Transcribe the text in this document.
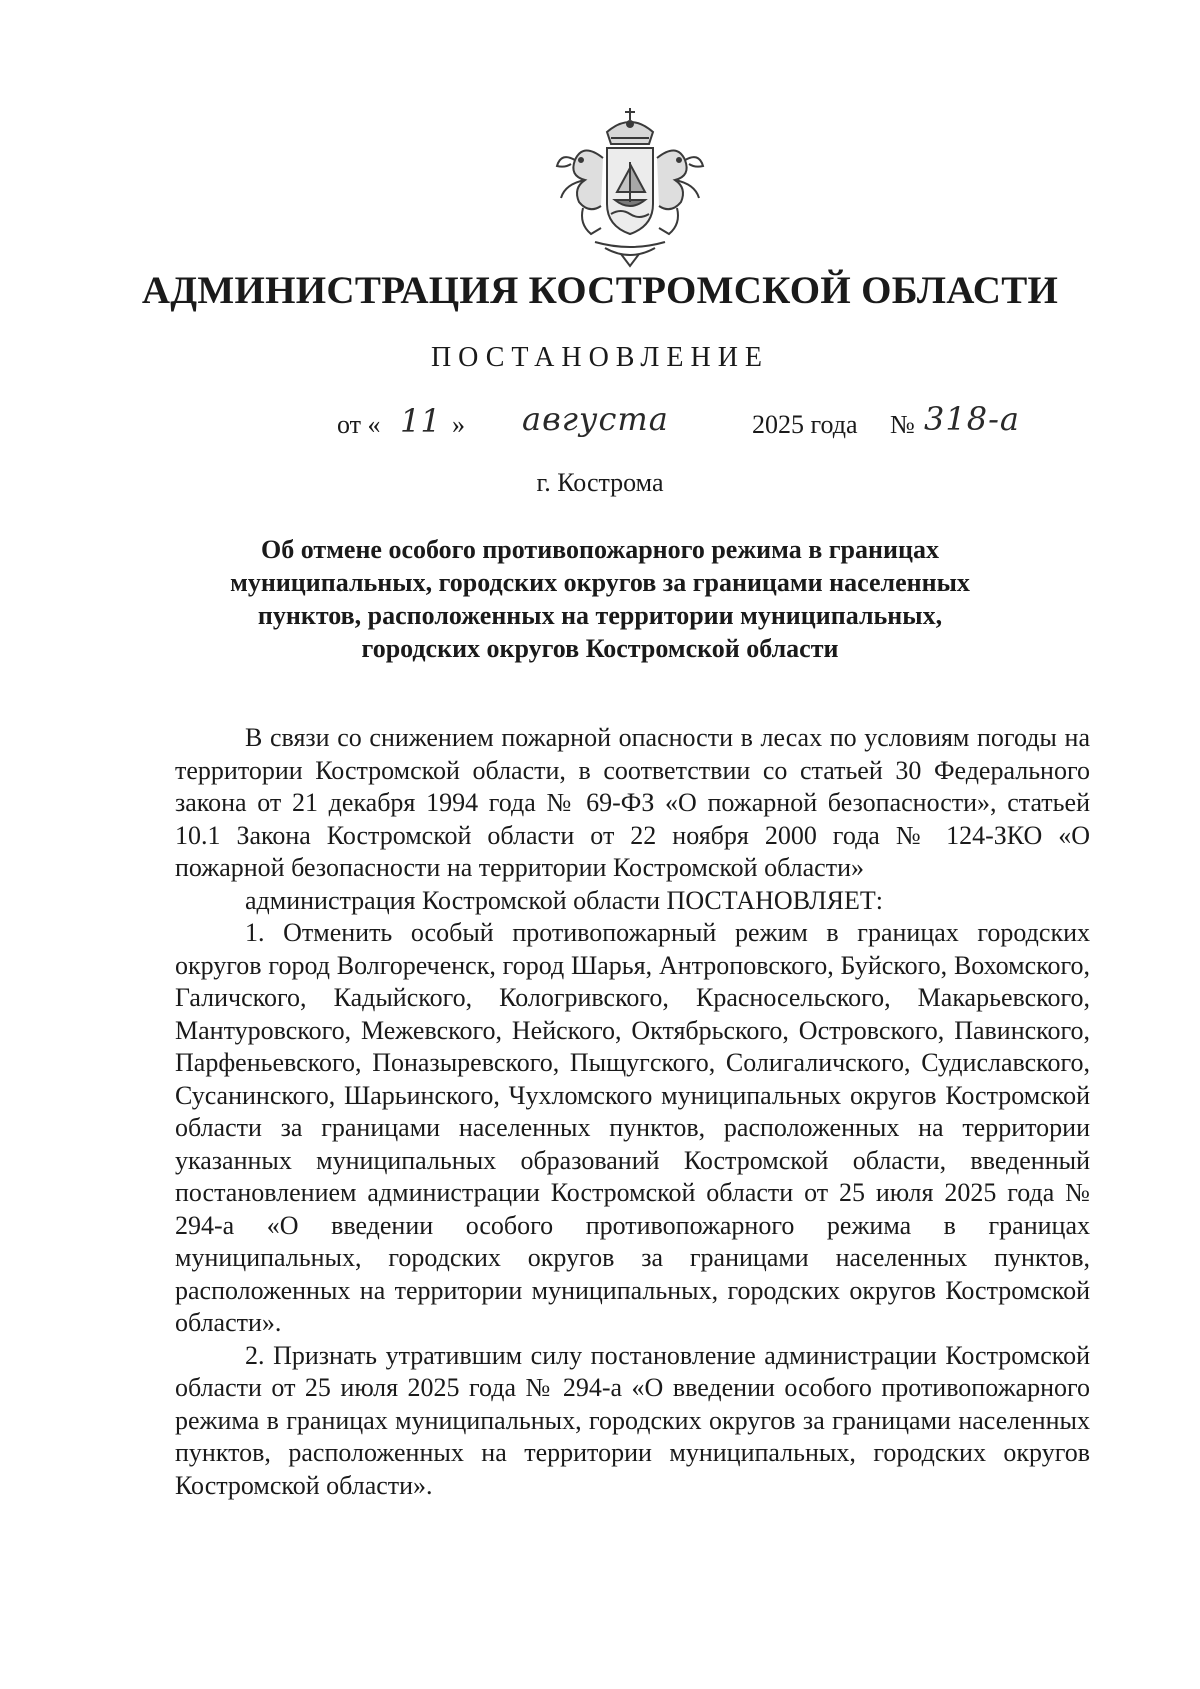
АДМИНИСТРАЦИЯ КОСТРОМСКОЙ ОБЛАСТИ
ПОСТАНОВЛЕНИЕ
от « 11 » августа	2025 года № 318-а
г. Кострома
Об отмене особого противопожарного режима в границах муниципальных, городских округов за границами населенных пунктов, расположенных на территории муниципальных, городских округов Костромской области

В связи со снижением пожарной опасности в лесах по условиям погоды на территории Костромской области, в соответствии со статьей 30 Федерального закона от 21 декабря 1994 года № 69-ФЗ «О пожарной безопасности», статьей 10.1 Закона Костромской области от 22 ноября 2000 года № 124-ЗКО «О пожарной безопасности на территории Костромской области»

администрация Костромской области ПОСТАНОВЛЯЕТ:

1. Отменить особый противопожарный режим в границах городских округов город Волгореченск, город Шарья, Антроповского, Буйского, Вохомского, Галичского, Кадыйского, Кологривского, Красносельского, Макарьевского, Мантуровского, Межевского, Нейского, Октябрьского, Островского, Павинского, Парфеньевского, Поназыревского, Пыщугского, Солигаличского, Судиславского, Сусанинского, Шарьинского, Чухломского муниципальных округов Костромской области за границами населенных пунктов, расположенных на территории указанных муниципальных образований Костромской области, введенный постановлением администрации Костромской области от 25 июля 2025 года № 294-а «О введении особого противопожарного режима в границах муниципальных, городских округов за границами населенных пунктов, расположенных на территории муниципальных, городских округов Костромской области».

2. Признать утратившим силу постановление администрации Костромской области от 25 июля 2025 года № 294-а «О введении особого противопожарного режима в границах муниципальных, городских округов за границами населенных пунктов, расположенных на территории муниципальных, городских округов Костромской области».
